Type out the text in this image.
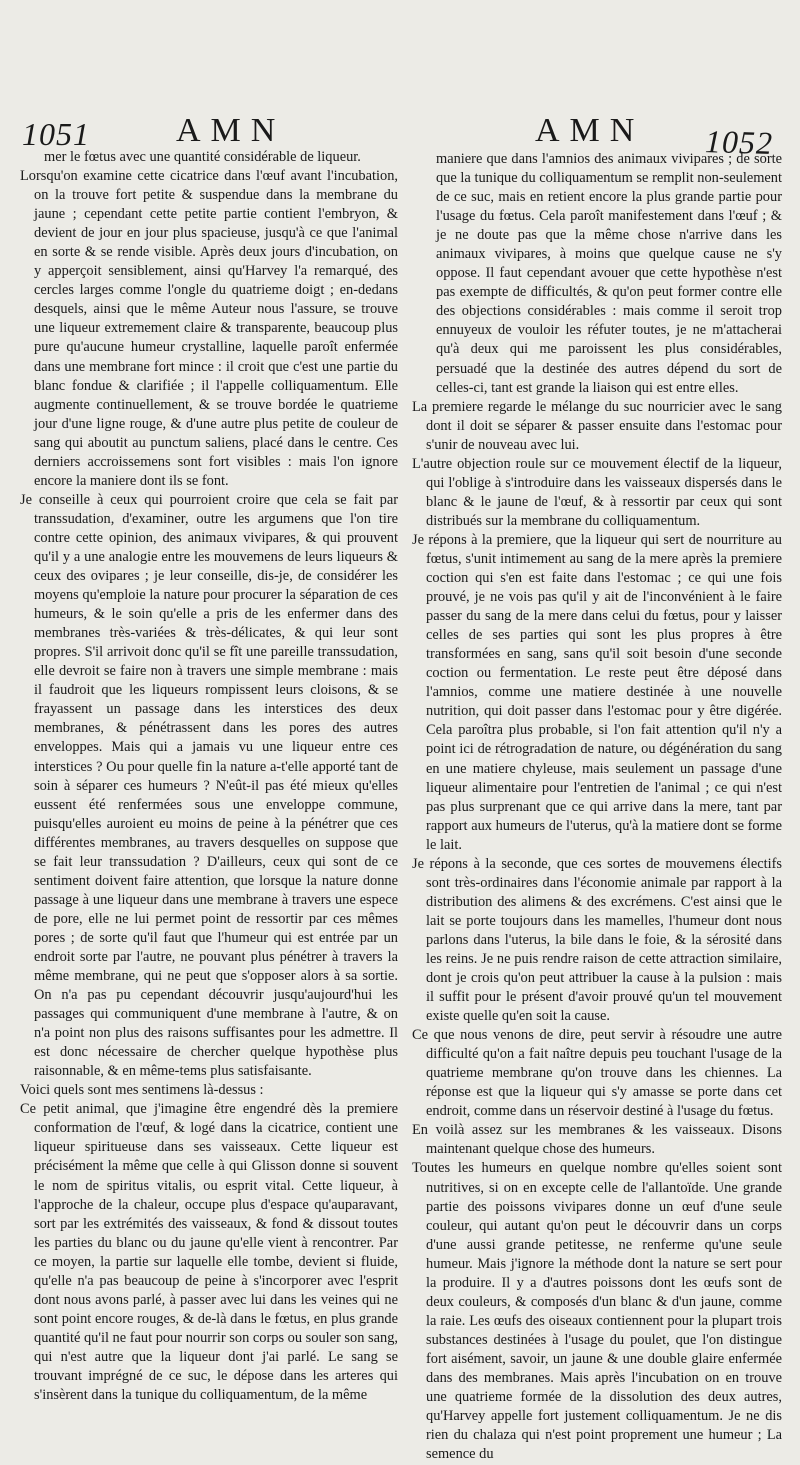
1051	AMN	AMN 1052

mer le fœtus avec une quantité considérable de liqueur.

Lorsqu'on examine cette cicatrice dans l'œuf avant l'incubation, on la trouve fort petite & suspendue dans la membrane du jaune ; cependant cette petite partie contient l'embryon, & devient de jour en jour plus spacieuse, jusqu'à ce que l'animal en sorte & se rende visible. Après deux jours d'incubation, on y apperçoit sensiblement, ainsi qu'Harvey l'a remarqué, des cercles larges comme l'ongle du quatrieme doigt ; en-dedans desquels, ainsi que le même Auteur nous l'assure, se trouve une liqueur extremement claire & transparente, beaucoup plus pure qu'aucune humeur crystalline, laquelle paroît enfermée dans une membrane fort mince : il croit que c'est une partie du blanc fondue & clarifiée ; il l'appelle colliquamentum. Elle augmente continuellement, & se trouve bordée le quatrieme jour d'une ligne rouge, & d'une autre plus petite de couleur de sang qui aboutit au punctum saliens, placé dans le centre. Ces derniers accroissemens sont fort visibles : mais l'on ignore encore la maniere dont ils se font.

Je conseille à ceux qui pourroient croire que cela se fait par transsudation, d'examiner, outre les argumens que l'on tire contre cette opinion, des animaux vivipares, & qui prouvent qu'il y a une analogie entre les mouvemens de leurs liqueurs & ceux des ovipares ; je leur conseille, dis-je, de considérer les moyens qu'emploie la nature pour procurer la séparation de ces humeurs, & le soin qu'elle a pris de les enfermer dans des membranes très-variées & très-délicates, & qui leur sont propres. S'il arrivoit donc qu'il se fît une pareille transsudation, elle devroit se faire non à travers une simple membrane : mais il faudroit que les liqueurs rompissent leurs cloisons, & se frayassent un passage dans les interstices des deux membranes, & pénétrassent dans les pores des autres enveloppes. Mais qui a jamais vu une liqueur entre ces interstices ? Ou pour quelle fin la nature a-t'elle apporté tant de soin à séparer ces humeurs ? N'eût-il pas été mieux qu'elles eussent été renfermées sous une enveloppe commune, puisqu'elles auroient eu moins de peine à la pénétrer que ces différentes membranes, au travers desquelles on suppose que se fait leur transsudation ? D'ailleurs, ceux qui sont de ce sentiment doivent faire attention, que lorsque la nature donne passage à une liqueur dans une membrane à travers une espece de pore, elle ne lui permet point de ressortir par ces mêmes pores ; de sorte qu'il faut que l'humeur qui est entrée par un endroit sorte par l'autre, ne pouvant plus pénétrer à travers la même membrane, qui ne peut que s'opposer alors à sa sortie. On n'a pas pu cependant découvrir jusqu'aujourd'hui les passages qui communiquent d'une membrane à l'autre, & on n'a point non plus des raisons suffisantes pour les admettre. Il est donc nécessaire de chercher quelque hypothèse plus raisonnable, & en même-tems plus satisfaisante.

Voici quels sont mes sentimens là-dessus :

Ce petit animal, que j'imagine être engendré dès la premiere conformation de l'œuf, & logé dans la cicatrice, contient une liqueur spiritueuse dans ses vaisseaux. Cette liqueur est précisément la même que celle à qui Glisson donne si souvent le nom de spiritus vitalis, ou esprit vital. Cette liqueur, à l'approche de la chaleur, occupe plus d'espace qu'auparavant, sort par les extrémités des vaisseaux, & fond & dissout toutes les parties du blanc ou du jaune qu'elle vient à rencontrer. Par ce moyen, la partie sur laquelle elle tombe, devient si fluide, qu'elle n'a pas beaucoup de peine à s'incorporer avec l'esprit dont nous avons parlé, à passer avec lui dans les veines qui ne sont point encore rouges, & de-là dans le fœtus, en plus grande quantité qu'il ne faut pour nourrir son corps ou souler son sang, qui n'est autre que la liqueur dont j'ai parlé. Le sang se trouvant imprégné de ce suc, le dépose dans les arteres qui s'insèrent dans la tunique du colliquamentum, de la même

maniere que dans l'amnios des animaux vivipares ; de sorte que la tunique du colliquamentum se remplit non-seulement de ce suc, mais en retient encore la plus grande partie pour l'usage du fœtus. Cela paroît manifestement dans l'œuf ; & je ne doute pas que la même chose n'arrive dans les animaux vivipares, à moins que quelque cause ne s'y oppose. Il faut cependant avouer que cette hypothèse n'est pas exempte de difficultés, & qu'on peut former contre elle des objections considérables : mais comme il seroit trop ennuyeux de vouloir les réfuter toutes, je ne m'attacherai qu'à deux qui me paroissent les plus considérables, persuadé que la destinée des autres dépend du sort de celles-ci, tant est grande la liaison qui est entre elles.

La premiere regarde le mélange du suc nourricier avec le sang dont il doit se séparer & passer ensuite dans l'estomac pour s'unir de nouveau avec lui.

L'autre objection roule sur ce mouvement électif de la liqueur, qui l'oblige à s'introduire dans les vaisseaux dispersés dans le blanc & le jaune de l'œuf, & à ressortir par ceux qui sont distribués sur la membrane du colliquamentum.

Je répons à la premiere, que la liqueur qui sert de nourriture au fœtus, s'unit intimement au sang de la mere après la premiere coction qui s'en est faite dans l'estomac ; ce qui une fois prouvé, je ne vois pas qu'il y ait de l'inconvénient à le faire passer du sang de la mere dans celui du fœtus, pour y laisser celles de ses parties qui sont les plus propres à être transformées en sang, sans qu'il soit besoin d'une seconde coction ou fermentation. Le reste peut être déposé dans l'amnios, comme une matiere destinée à une nouvelle nutrition, qui doit passer dans l'estomac pour y être digérée. Cela paroîtra plus probable, si l'on fait attention qu'il n'y a point ici de rétrogradation de nature, ou dégénération du sang en une matiere chyleuse, mais seulement un passage d'une liqueur alimentaire pour l'entretien de l'animal ; ce qui n'est pas plus surprenant que ce qui arrive dans la mere, tant par rapport aux humeurs de l'uterus, qu'à la matiere dont se forme le lait.

Je répons à la seconde, que ces sortes de mouvemens électifs sont très-ordinaires dans l'économie animale par rapport à la distribution des alimens & des excrémens. C'est ainsi que le lait se porte toujours dans les mamelles, l'humeur dont nous parlons dans l'uterus, la bile dans le foie, & la sérosité dans les reins. Je ne puis rendre raison de cette attraction similaire, dont je crois qu'on peut attribuer la cause à la pulsion : mais il suffit pour le présent d'avoir prouvé qu'un tel mouvement existe quelle qu'en soit la cause.

Ce que nous venons de dire, peut servir à résoudre une autre difficulté qu'on a fait naître depuis peu touchant l'usage de la quatrieme membrane qu'on trouve dans les chiennes. La réponse est que la liqueur qui s'y amasse se porte dans cet endroit, comme dans un réservoir destiné à l'usage du fœtus.

En voilà assez sur les membranes & les vaisseaux. Disons maintenant quelque chose des humeurs.

Toutes les humeurs en quelque nombre qu'elles soient sont nutritives, si on en excepte celle de l'allantoïde. Une grande partie des poissons vivipares donne un œuf d'une seule couleur, qui autant qu'on peut le découvrir dans un corps d'une aussi grande petitesse, ne renferme qu'une seule humeur. Mais j'ignore la méthode dont la nature se sert pour la produire. Il y a d'autres poissons dont les œufs sont de deux couleurs, & composés d'un blanc & d'un jaune, comme la raie. Les œufs des oiseaux contiennent pour la plupart trois substances destinées à l'usage du poulet, que l'on distingue fort aisément, savoir, un jaune & une double glaire enfermée dans des membranes. Mais après l'incubation on en trouve une quatrieme formée de la dissolution des deux autres, qu'Harvey appelle fort justement colliquamentum. Je ne dis rien du chalaza qui n'est point proprement une humeur ; La semence du
